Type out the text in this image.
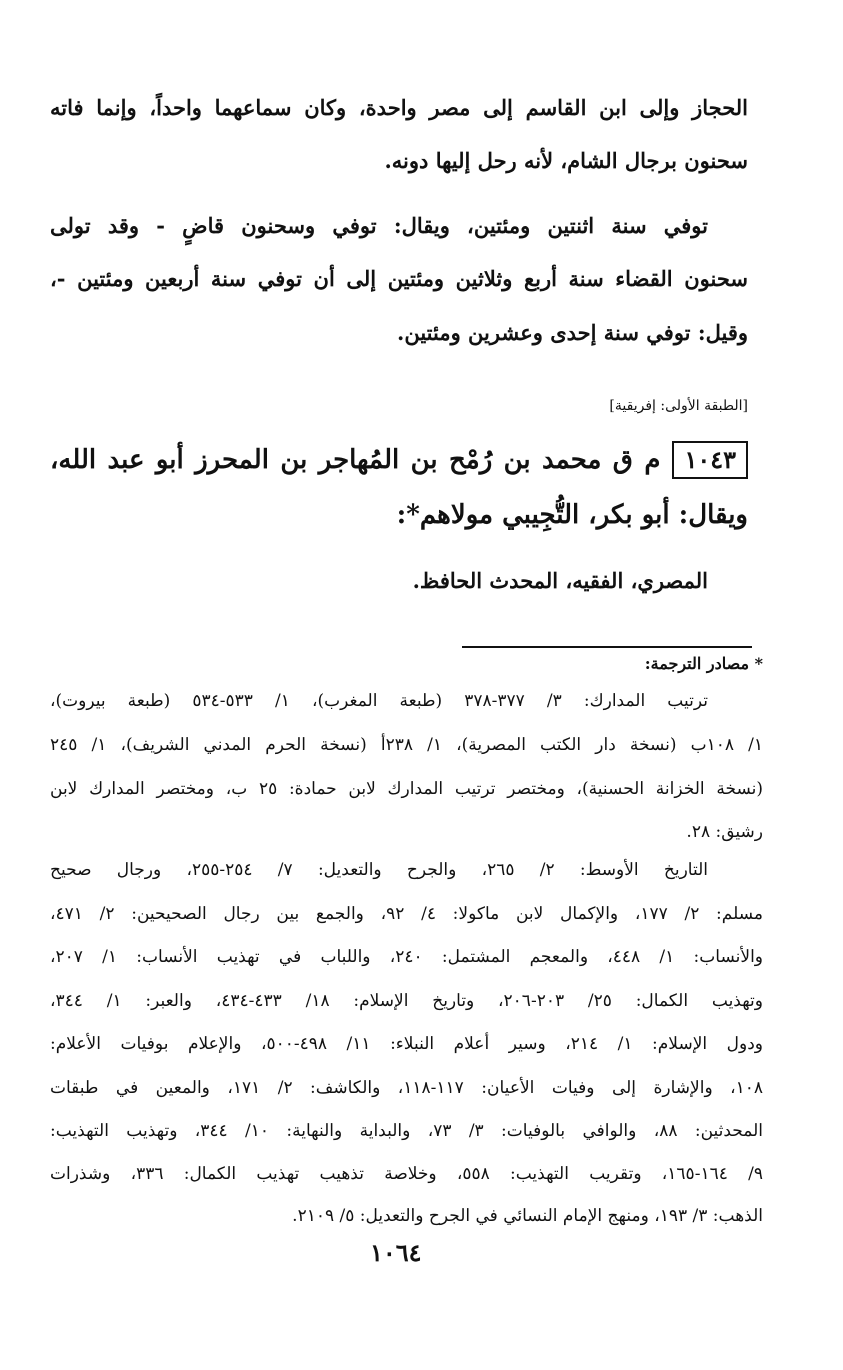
الحجاز وإلى ابن القاسم إلى مصر واحدة، وكان سماعهما واحداً، وإنما فاته
سحنون برجال الشام، لأنه رحل إليها دونه.
توفي سنة اثنتين ومئتين، ويقال: توفي وسحنون قاضٍ - وقد تولى
سحنون القضاء سنة أربع وثلاثين ومئتين إلى أن توفي سنة أربعين ومئتين -،
وقيل: توفي سنة إحدى وعشرين ومئتين.
[الطبقة الأولى: إفريقية]
١٠٤٣م ق محمد بن رُمْح بن المُهاجر بن المحرز أبو عبد الله،
ويقال: أبو بكر، التُّجِيبي مولاهم*:
المصري، الفقيه، المحدث الحافظ.
* مصادر الترجمة:
ترتيب المدارك: ٣/ ٣٧٧-٣٧٨ (طبعة المغرب)، ١/ ٥٣٣-٥٣٤ (طبعة بيروت)،
١/ ١٠٨ب (نسخة دار الكتب المصرية)، ١/ ٢٣٨أ (نسخة الحرم المدني الشريف)، ١/ ٢٤٥
(نسخة الخزانة الحسنية)، ومختصر ترتيب المدارك لابن حمادة: ٢٥ ب، ومختصر المدارك لابن
رشيق: ٢٨.
التاريخ الأوسط: ٢/ ٢٦٥، والجرح والتعديل: ٧/ ٢٥٤-٢٥٥، ورجال صحيح
مسلم: ٢/ ١٧٧، والإكمال لابن ماكولا: ٤/ ٩٢، والجمع بين رجال الصحيحين: ٢/ ٤٧١،
والأنساب: ١/ ٤٤٨، والمعجم المشتمل: ٢٤٠، واللباب في تهذيب الأنساب: ١/ ٢٠٧،
وتهذيب الكمال: ٢٥/ ٢٠٣-٢٠٦، وتاريخ الإسلام: ١٨/ ٤٣٣-٤٣٤، والعبر: ١/ ٣٤٤،
ودول الإسلام: ١/ ٢١٤، وسير أعلام النبلاء: ١١/ ٤٩٨-٥٠٠، والإعلام بوفيات الأعلام:
١٠٨، والإشارة إلى وفيات الأعيان: ١١٧-١١٨، والكاشف: ٢/ ١٧١، والمعين في طبقات
المحدثين: ٨٨، والوافي بالوفيات: ٣/ ٧٣، والبداية والنهاية: ١٠/ ٣٤٤، وتهذيب التهذيب:
٩/ ١٦٤-١٦٥، وتقريب التهذيب: ٥٥٨، وخلاصة تذهيب تهذيب الكمال: ٣٣٦، وشذرات
الذهب: ٣/ ١٩٣، ومنهج الإمام النسائي في الجرح والتعديل: ٥/ ٢١٠٩.
١٠٦٤
